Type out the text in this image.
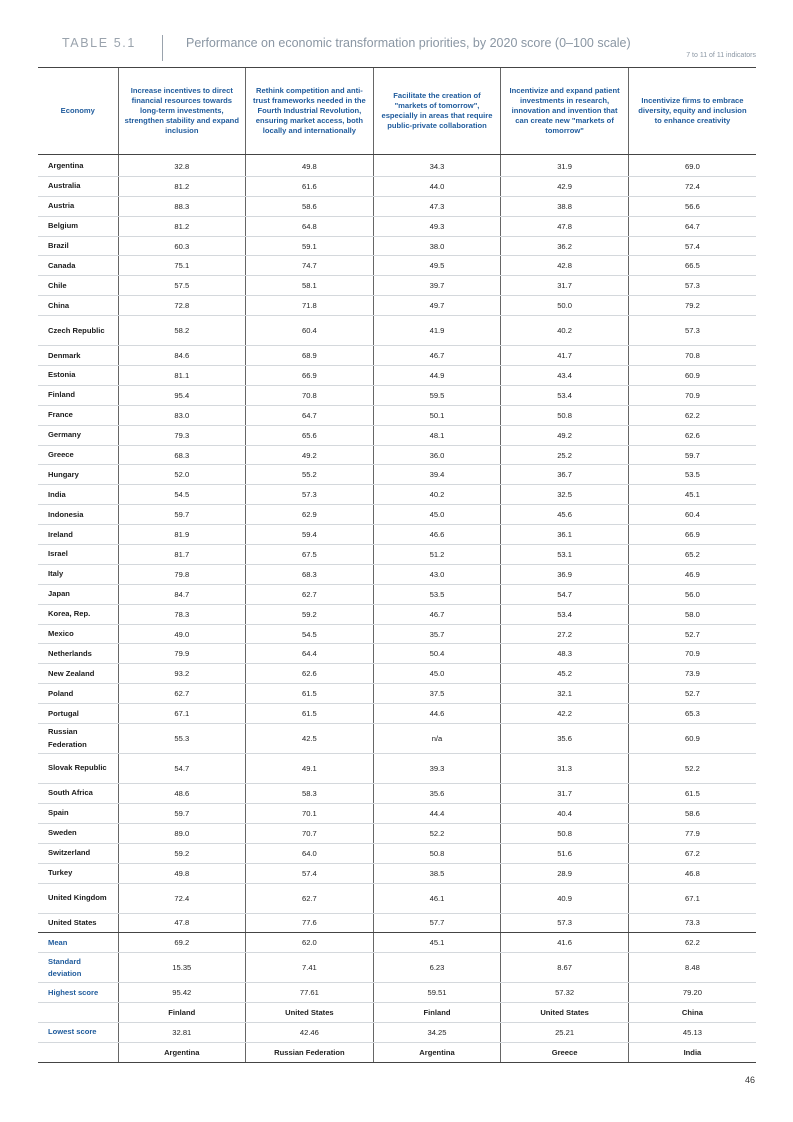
TABLE 5.1	Performance on economic transformation priorities, by 2020 score (0–100 scale)
7 to 11 of 11 indicators
Economy	Increase incentives to direct financial resources towards long-term investments, strengthen stability and expand inclusion	Rethink competition and anti-trust frameworks needed in the Fourth Industrial Revolution, ensuring market access, both locally and internationally	Facilitate the creation of "markets of tomorrow", especially in areas that require public-private collaboration	Incentivize and expand patient investments in research, innovation and invention that can create new "markets of tomorrow"	Incentivize firms to embrace diversity, equity and inclusion to enhance creativity
Argentina	32.8	49.8	34.3	31.9	69.0
Australia	81.2	61.6	44.0	42.9	72.4
Austria	88.3	58.6	47.3	38.8	56.6
Belgium	81.2	64.8	49.3	47.8	64.7
Brazil	60.3	59.1	38.0	36.2	57.4
Canada	75.1	74.7	49.5	42.8	66.5
Chile	57.5	58.1	39.7	31.7	57.3
China	72.8	71.8	49.7	50.0	79.2
Czech Republic	58.2	60.4	41.9	40.2	57.3
Denmark	84.6	68.9	46.7	41.7	70.8
Estonia	81.1	66.9	44.9	43.4	60.9
Finland	95.4	70.8	59.5	53.4	70.9
France	83.0	64.7	50.1	50.8	62.2
Germany	79.3	65.6	48.1	49.2	62.6
Greece	68.3	49.2	36.0	25.2	59.7
Hungary	52.0	55.2	39.4	36.7	53.5
India	54.5	57.3	40.2	32.5	45.1
Indonesia	59.7	62.9	45.0	45.6	60.4
Ireland	81.9	59.4	46.6	36.1	66.9
Israel	81.7	67.5	51.2	53.1	65.2
Italy	79.8	68.3	43.0	36.9	46.9
Japan	84.7	62.7	53.5	54.7	56.0
Korea, Rep.	78.3	59.2	46.7	53.4	58.0
Mexico	49.0	54.5	35.7	27.2	52.7
Netherlands	79.9	64.4	50.4	48.3	70.9
New Zealand	93.2	62.6	45.0	45.2	73.9
Poland	62.7	61.5	37.5	32.1	52.7
Portugal	67.1	61.5	44.6	42.2	65.3
Russian Federation	55.3	42.5	n/a	35.6	60.9
Slovak Republic	54.7	49.1	39.3	31.3	52.2
South Africa	48.6	58.3	35.6	31.7	61.5
Spain	59.7	70.1	44.4	40.4	58.6
Sweden	89.0	70.7	52.2	50.8	77.9
Switzerland	59.2	64.0	50.8	51.6	67.2
Turkey	49.8	57.4	38.5	28.9	46.8
United Kingdom	72.4	62.7	46.1	40.9	67.1
United States	47.8	77.6	57.7	57.3	73.3
Mean	69.2	62.0	45.1	41.6	62.2
Standard deviation	15.35	7.41	6.23	8.67	8.48
Highest score	95.42	77.61	59.51	57.32	79.20
	Finland	United States	Finland	United States	China
Lowest score	32.81	42.46	34.25	25.21	45.13
	Argentina	Russian Federation	Argentina	Greece	India
46
